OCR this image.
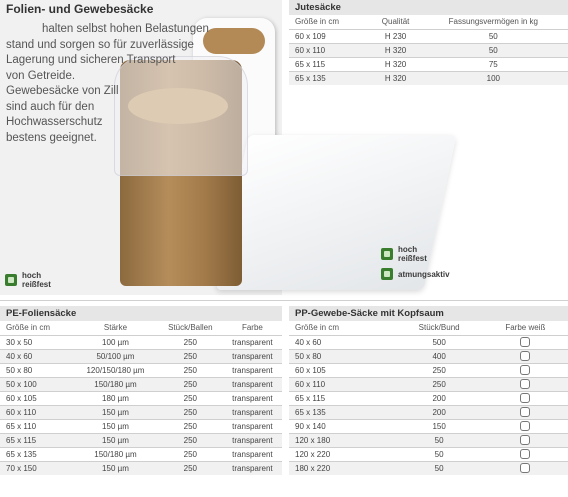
Folien- und Gewebesäcke

halten selbst hohen Belastungen

stand und sorgen so für zuverlässige

Lagerung und sicheren Transport

von Getreide.

Gewebesäcke von Zill

sind auch für den

Hochwasserschutz

bestens geeignet.

hoch
reißfest
hoch
reißfest
atmungsaktiv
Jutesäcke
Größe in cm	Qualität	Fassungsvermögen in kg
60 x 109	H 230	50
60 x 110	H 320	50
65 x 115	H 320	75
65 x 135	H 320	100
PE-Foliensäcke
Größe in cm	Stärke	Stück/Ballen	Farbe
30 x 50	100 µm	250	transparent
40 x 60	50/100 µm	250	transparent
50 x 80	120/150/180 µm	250	transparent
50 x 100	150/180 µm	250	transparent
60 x 105	180 µm	250	transparent
60 x 110	150 µm	250	transparent
65 x 110	150 µm	250	transparent
65 x 115	150 µm	250	transparent
65 x 135	150/180 µm	250	transparent
70 x 150	150 µm	250	transparent
PP-Gewebe-Säcke mit Kopfsaum
Größe in cm	Stück/Bund	Farbe weiß
40 x 60	500	
50 x 80	400	
60 x 105	250	
60 x 110	250	
65 x 115	200	
65 x 135	200	
90 x 140	150	
120 x 180	50	
120 x 220	50	
180 x 220	50	
